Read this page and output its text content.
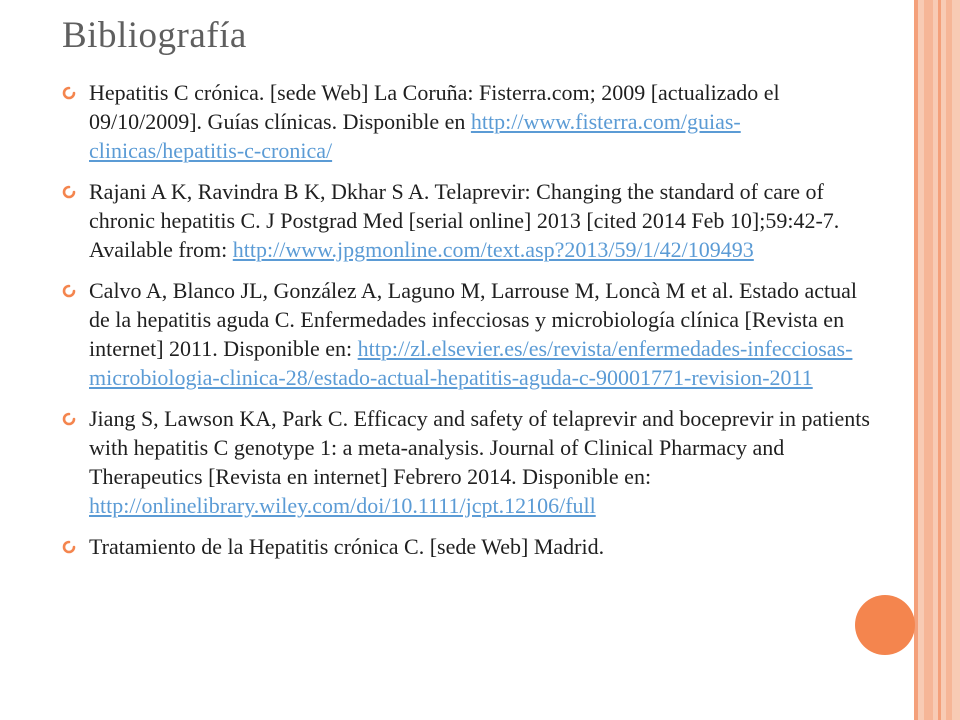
Bibliografía
Hepatitis C crónica. [sede Web] La Coruña: Fisterra.com; 2009 [actualizado el 09/10/2009]. Guías clínicas. Disponible en http://www.fisterra.com/guias-clinicas/hepatitis-c-cronica/
Rajani A K, Ravindra B K, Dkhar S A. Telaprevir: Changing the standard of care of chronic hepatitis C. J Postgrad Med [serial online] 2013 [cited 2014 Feb 10];59:42-7. Available from: http://www.jpgmonline.com/text.asp?2013/59/1/42/109493
Calvo A, Blanco JL, González A, Laguno M, Larrouse M, Loncà M et al. Estado actual de la hepatitis aguda C. Enfermedades infecciosas y microbiología clínica [Revista en internet] 2011. Disponible en: http://zl.elsevier.es/es/revista/enfermedades-infecciosas-microbiologia-clinica-28/estado-actual-hepatitis-aguda-c-90001771-revision-2011
Jiang S, Lawson KA, Park C. Efficacy and safety of telaprevir and boceprevir in patients with hepatitis C genotype 1: a meta-analysis. Journal of Clinical Pharmacy and Therapeutics [Revista en internet] Febrero 2014. Disponible en: http://onlinelibrary.wiley.com/doi/10.1111/jcpt.12106/full
Tratamiento de la Hepatitis crónica C. [sede Web] Madrid.
